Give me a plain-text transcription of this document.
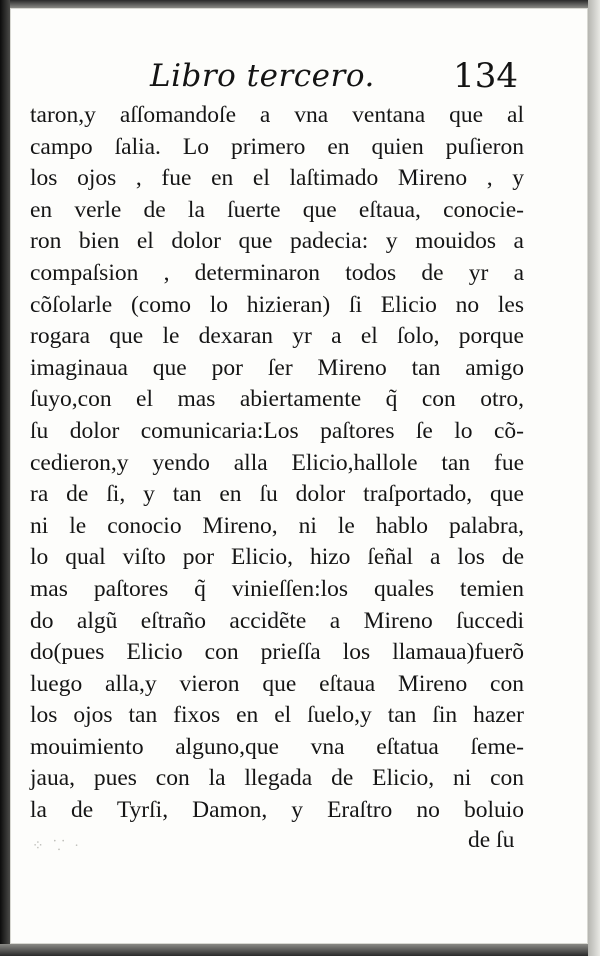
Libro tercero. 134
taron,y aſſomandoſe a vna ventana que al
campo ſalia. Lo primero en quien puſieron
los ojos , fue en el laſtimado Mireno , y
en verle de la ſuerte que eſtaua, conocie-
ron bien el dolor que padecia: y mouidos a
compaſsion , determinaron todos de yr a
cõſolarle (como lo hizieran) ſi Elicio no les
rogara que le dexaran yr a el ſolo, porque
imaginaua que por ſer Mireno tan amigo
ſuyo,con el mas abiertamente q̃ con otro,
ſu dolor comunicaria:Los paſtores ſe lo cõ-
cedieron,y yendo alla Elicio,hallole tan fue
ra de ſi, y tan en ſu dolor traſportado, que
ni le conocio Mireno, ni le hablo palabra,
lo qual viſto por Elicio, hizo ſeñal a los de
mas paſtores q̃ vinieſſen:los quales temien
do algũ eſtraño accidẽte a Mireno ſuccedi
do(pues Elicio con prieſſa los llamaua)fuerõ
luego alla,y vieron que eſtaua Mireno con
los ojos tan fixos en el ſuelo,y tan ſin hazer
mouimiento alguno,que vna eſtatua ſeme-
jaua, pues con la llegada de Elicio, ni con
la de Tyrſi, Damon, y Eraſtro no boluio
⁘ ⸪ ·	de ſu
